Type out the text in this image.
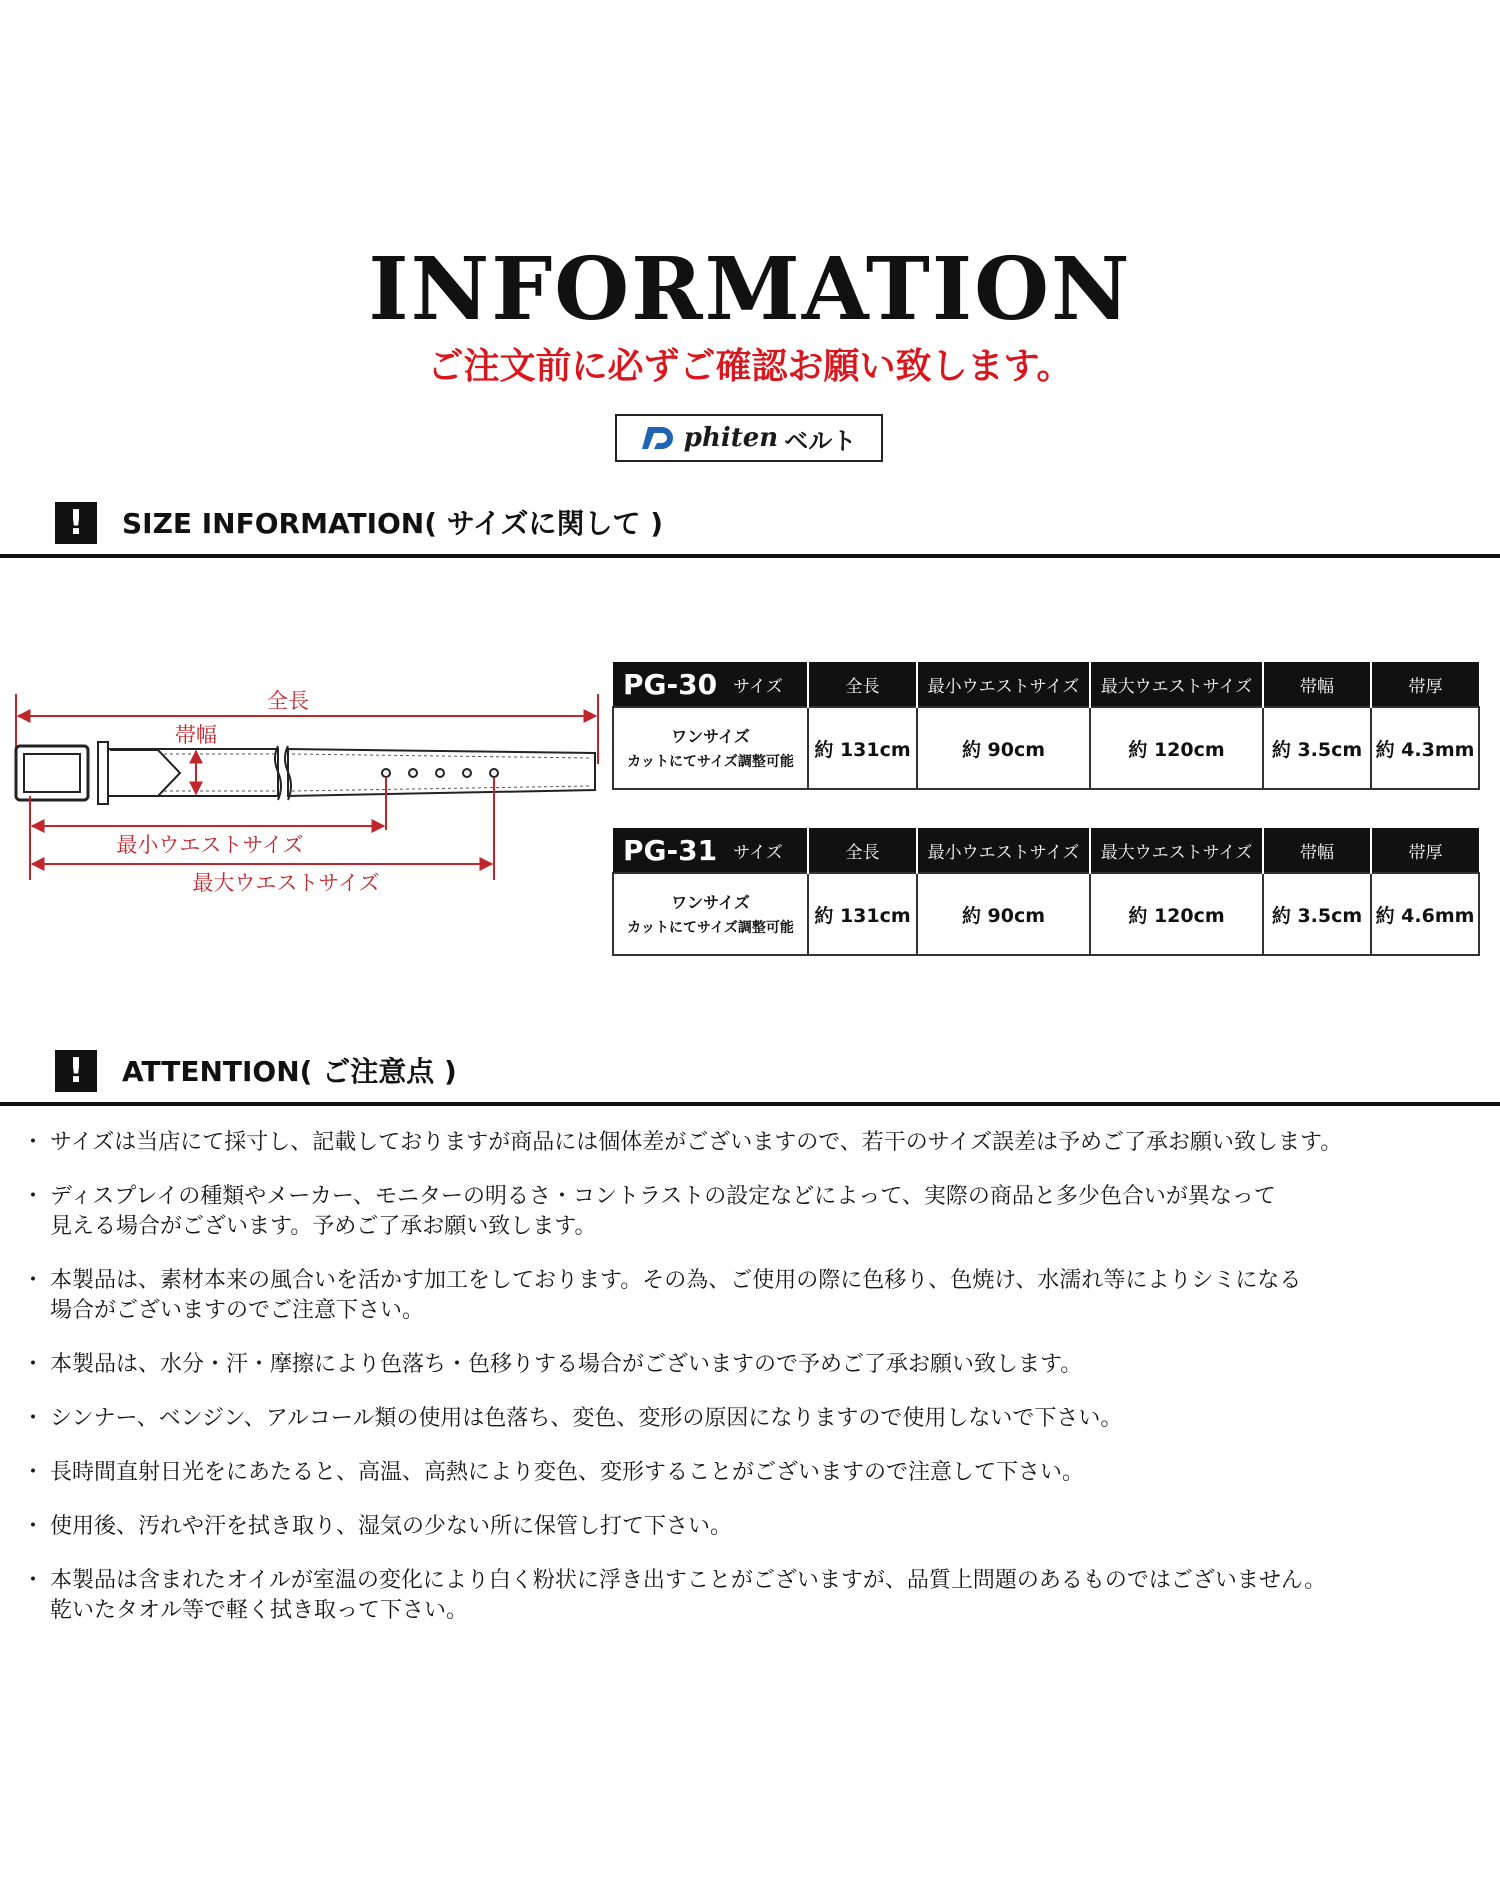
INFORMATION
ご注文前に必ずご確認お願い致します。
phiten ベルト
!	SIZE INFORMATION( サイズに関して )
全長
帯幅
最小ウエストサイズ
最大ウエストサイズ
PG-30 サイズ	全長	最小ウエストサイズ	最大ウエストサイズ	帯幅	帯厚

ワンサイズ
カットにてサイズ調整可能	約 131cm	約 90cm	約 120cm	約 3.5cm	約 4.3mm
PG-31 サイズ	全長	最小ウエストサイズ	最大ウエストサイズ	帯幅	帯厚

ワンサイズ
カットにてサイズ調整可能	約 131cm	約 90cm	約 120cm	約 3.5cm	約 4.6mm
!	ATTENTION( ご注意点 )
・ サイズは当店にて採寸し、記載しておりますが商品には個体差がございますので、若干のサイズ誤差は予めご了承お願い致します。
・ ディスプレイの種類やメーカー、モニターの明るさ・コントラストの設定などによって、実際の商品と多少色合いが異なって
見える場合がございます。予めご了承お願い致します。
・ 本製品は、素材本来の風合いを活かす加工をしております。その為、ご使用の際に色移り、色焼け、水濡れ等によりシミになる
場合がございますのでご注意下さい。
・ 本製品は、水分・汗・摩擦により色落ち・色移りする場合がございますので予めご了承お願い致します。
・ シンナー、ベンジン、アルコール類の使用は色落ち、変色、変形の原因になりますので使用しないで下さい。
・ 長時間直射日光をにあたると、高温、高熱により変色、変形することがございますので注意して下さい。
・ 使用後、汚れや汗を拭き取り、湿気の少ない所に保管し打て下さい。
・ 本製品は含まれたオイルが室温の変化により白く粉状に浮き出すことがございますが、品質上問題のあるものではございません。
乾いたタオル等で軽く拭き取って下さい。
